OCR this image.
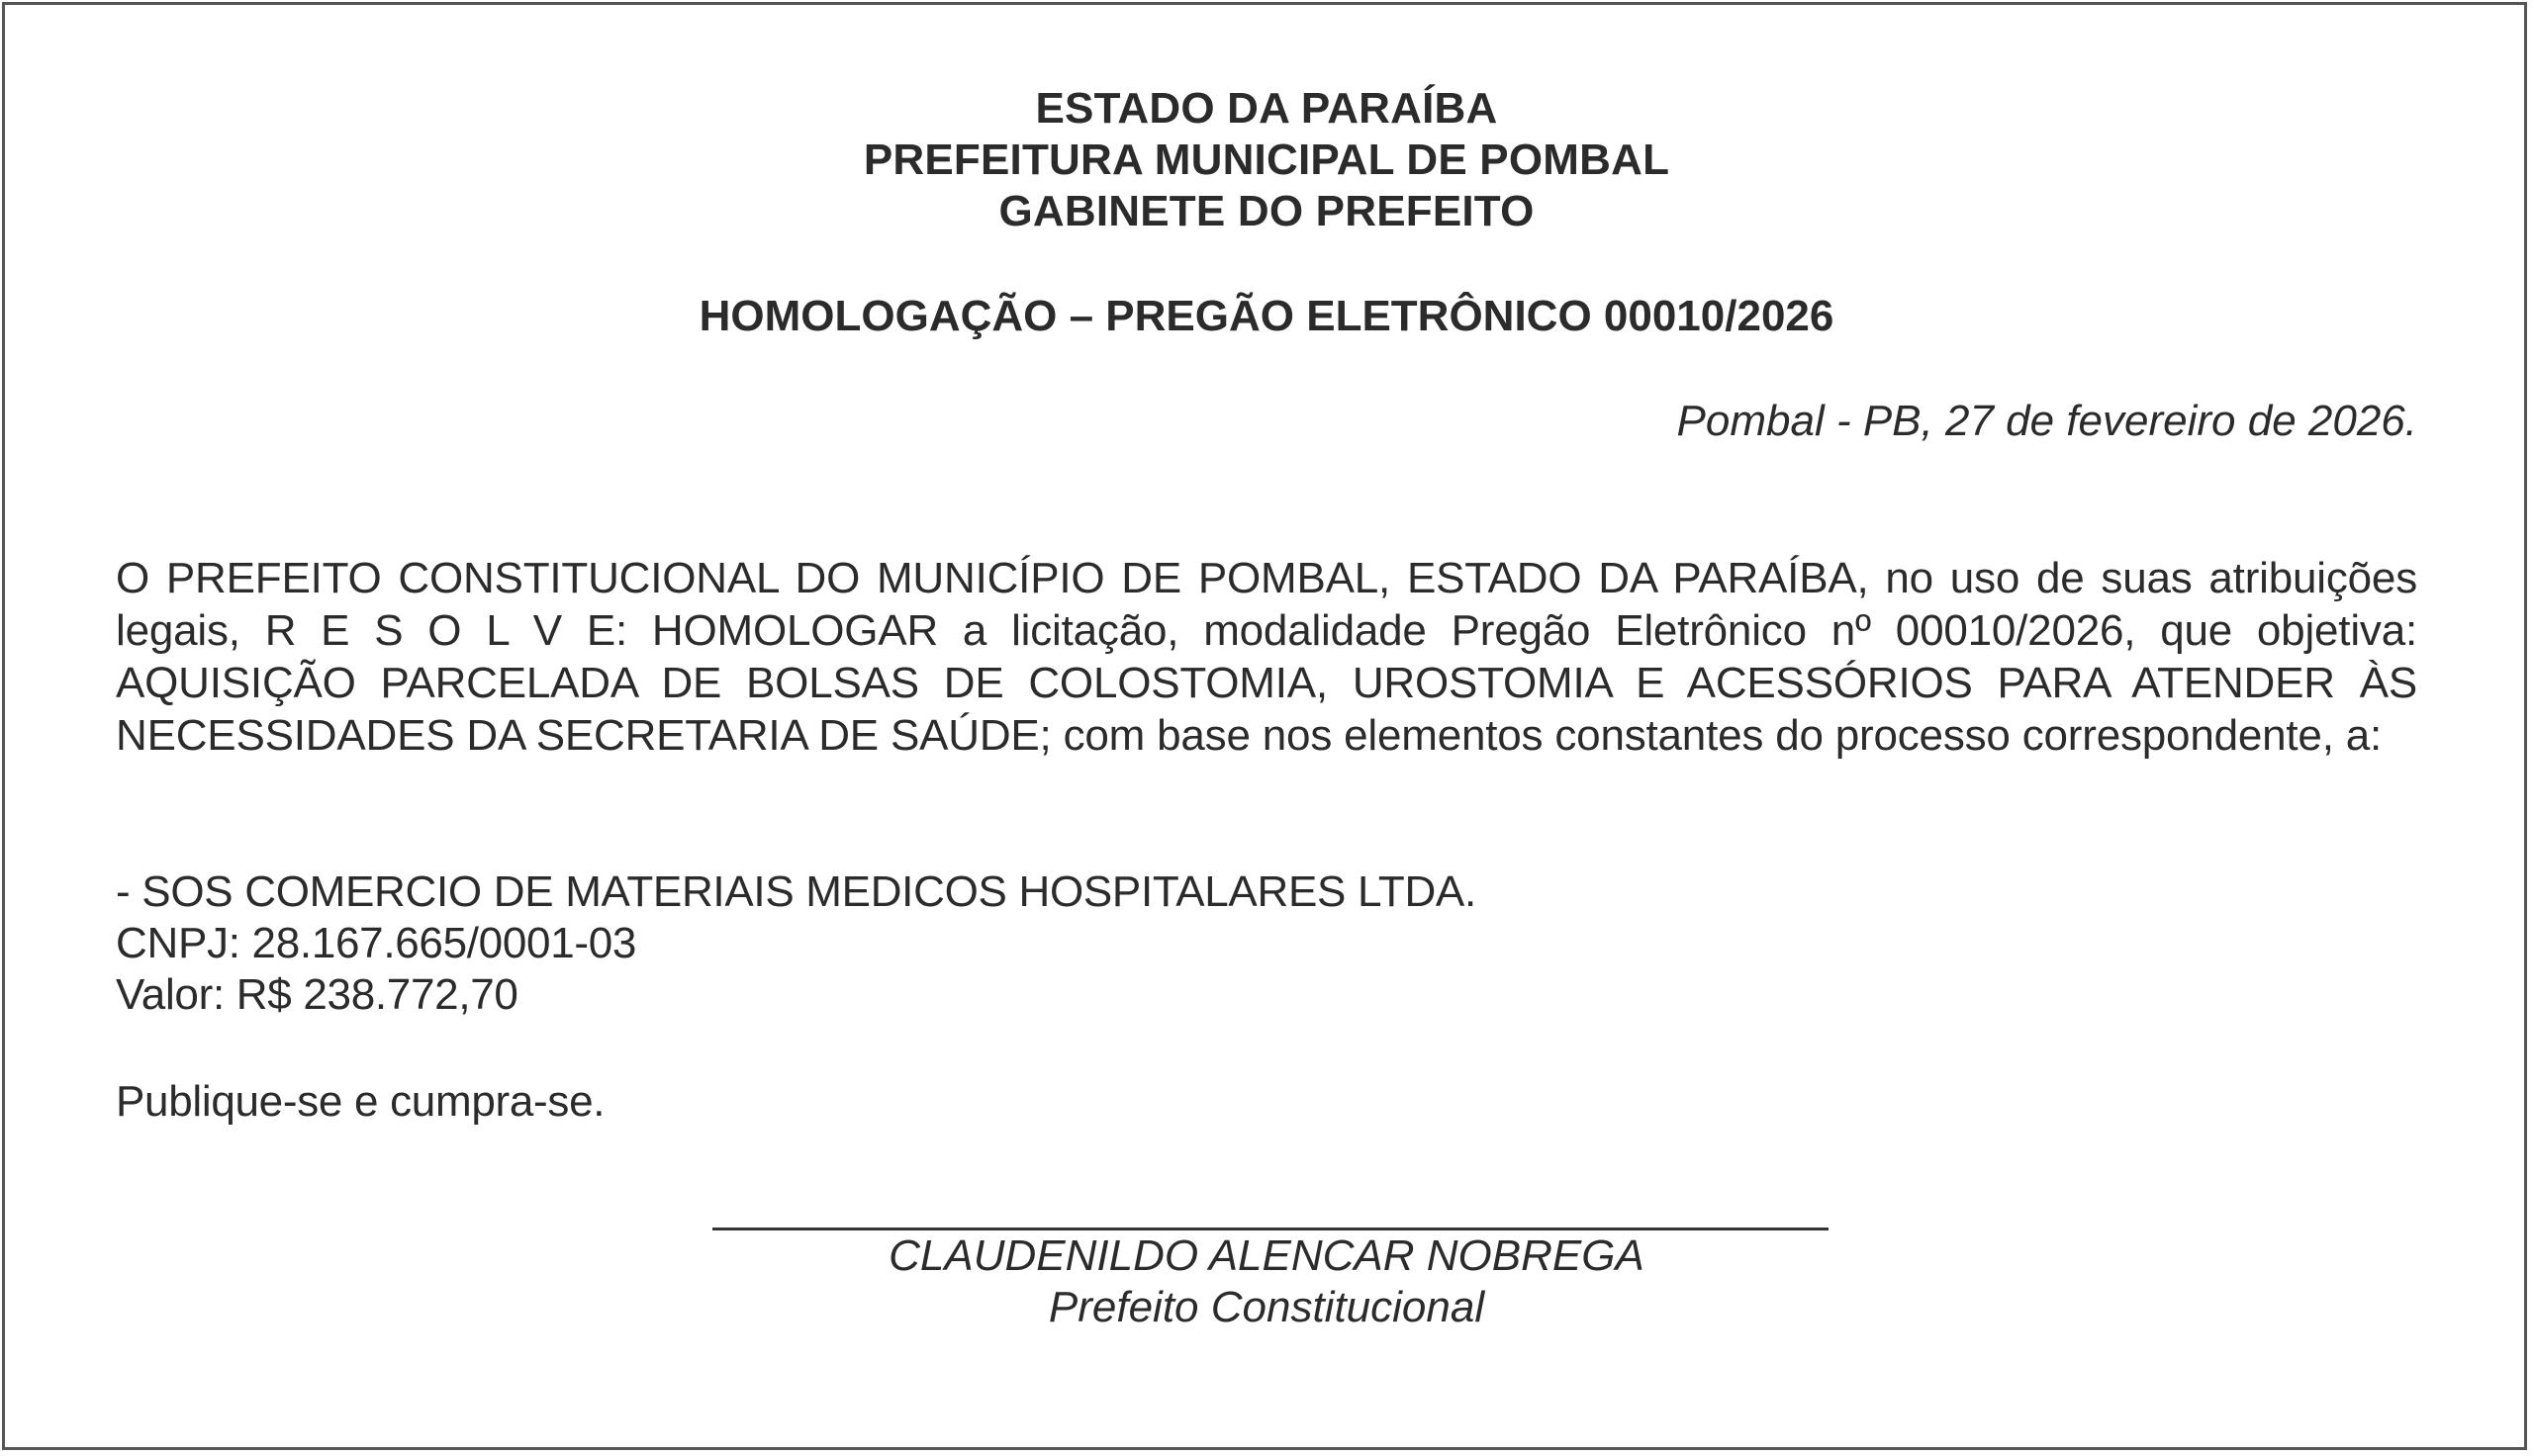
ESTADO DA PARAÍBA
PREFEITURA MUNICIPAL DE POMBAL
GABINETE DO PREFEITO
HOMOLOGAÇÃO – PREGÃO ELETRÔNICO 00010/2026
Pombal - PB, 27 de fevereiro de 2026.
O PREFEITO CONSTITUCIONAL DO MUNICÍPIO DE POMBAL, ESTADO DA PARAÍBA, no uso de suas atribuições legais, R E S O L V E: HOMOLOGAR a licitação, modalidade Pregão Eletrônico nº 00010/2026, que objetiva: AQUISIÇÃO PARCELADA DE BOLSAS DE COLOSTOMIA, UROSTOMIA E ACESSÓRIOS PARA ATENDER ÀS NECESSIDADES DA SECRETARIA DE SAÚDE; com base nos elementos constantes do processo correspondente, a:
- SOS COMERCIO DE MATERIAIS MEDICOS HOSPITALARES LTDA.
CNPJ: 28.167.665/0001-03
Valor: R$ 238.772,70
Publique-se e cumpra-se.
CLAUDENILDO ALENCAR NOBREGA
Prefeito Constitucional
